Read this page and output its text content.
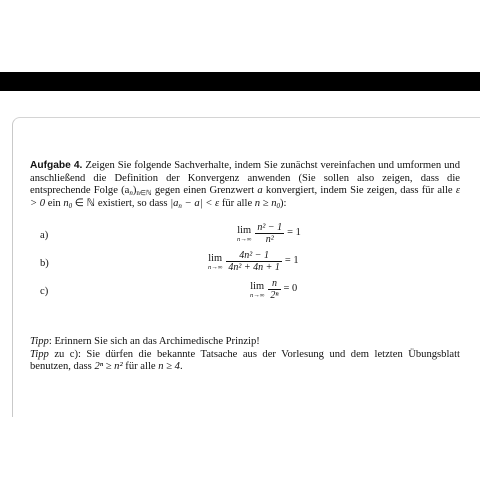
Aufgabe 4. Zeigen Sie folgende Sachverhalte, indem Sie zunächst vereinfachen und umformen und anschließend die Definition der Konvergenz anwenden (Sie sollen also zeigen, dass die entsprechende Folge $(a_n)_{n\in ℕ}$ gegen einen Grenzwert a konvergiert, indem Sie zeigen, dass für alle ε > 0 ein $n_0$ ∈ ℕ existiert, so dass $|a_n - a| < \varepsilon$ für alle $n \ge n_0$):

a)	lim
$n\to\infty \frac{\text{n² − 1}}{\text{n²}} = 1$
b)	lim
$n\to\infty \frac{\text{4n² − 1}}{\text{4n² + 4n + 1}} = 1$
c)	lim
$n\to\infty \frac{n}{\text{2ⁿ}} = 0$

Tipp: Erinnern Sie sich an das Archimedische Prinzip!

Tipp zu c): Sie dürfen die bekannte Tatsache aus der Vorlesung und dem letzten Übungsblatt benutzen, dass 2ⁿ ≥ n² für alle n ≥ 4.
